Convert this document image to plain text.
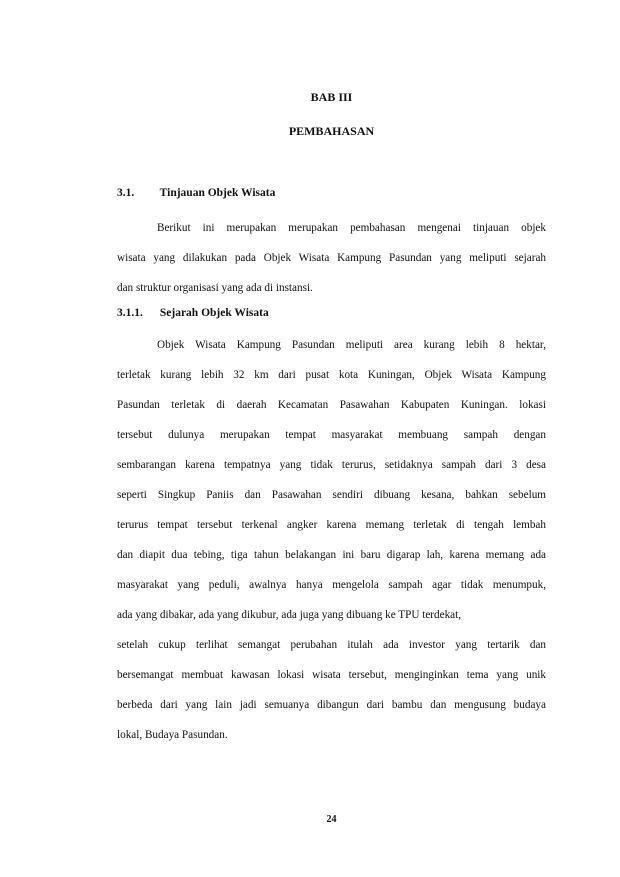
BAB III
PEMBAHASAN
3.1. Tinjauan Objek Wisata
Berikut ini merupakan merupakan pembahasan mengenai tinjauan objek
wisata yang dilakukan pada Objek Wisata Kampung Pasundan yang meliputi sejarah
dan struktur organisasi yang ada di instansi.
3.1.1. Sejarah Objek Wisata
Objek Wisata Kampung Pasundan meliputi area kurang lebih 8 hektar,
terletak kurang lebih 32 km dari pusat kota Kuningan, Objek Wisata Kampung
Pasundan terletak di daerah Kecamatan Pasawahan Kabupaten Kuningan. lokasi
tersebut dulunya merupakan tempat masyarakat membuang sampah dengan
sembarangan karena tempatnya yang tidak terurus, setidaknya sampah dari 3 desa
seperti Singkup Paniis dan Pasawahan sendiri dibuang kesana, bahkan sebelum
terurus tempat tersebut terkenal angker karena memang terletak di tengah lembah
dan diapit dua tebing, tiga tahun belakangan ini baru digarap lah, karena memang ada
masyarakat yang peduli, awalnya hanya mengelola sampah agar tidak menumpuk,
ada yang dibakar, ada yang dikubur, ada juga yang dibuang ke TPU terdekat,
setelah cukup terlihat semangat perubahan itulah ada investor yang tertarik dan
bersemangat membuat kawasan lokasi wisata tersebut, menginginkan tema yang unik
berbeda dari yang lain jadi semuanya dibangun dari bambu dan mengusung budaya
lokal, Budaya Pasundan.
24
